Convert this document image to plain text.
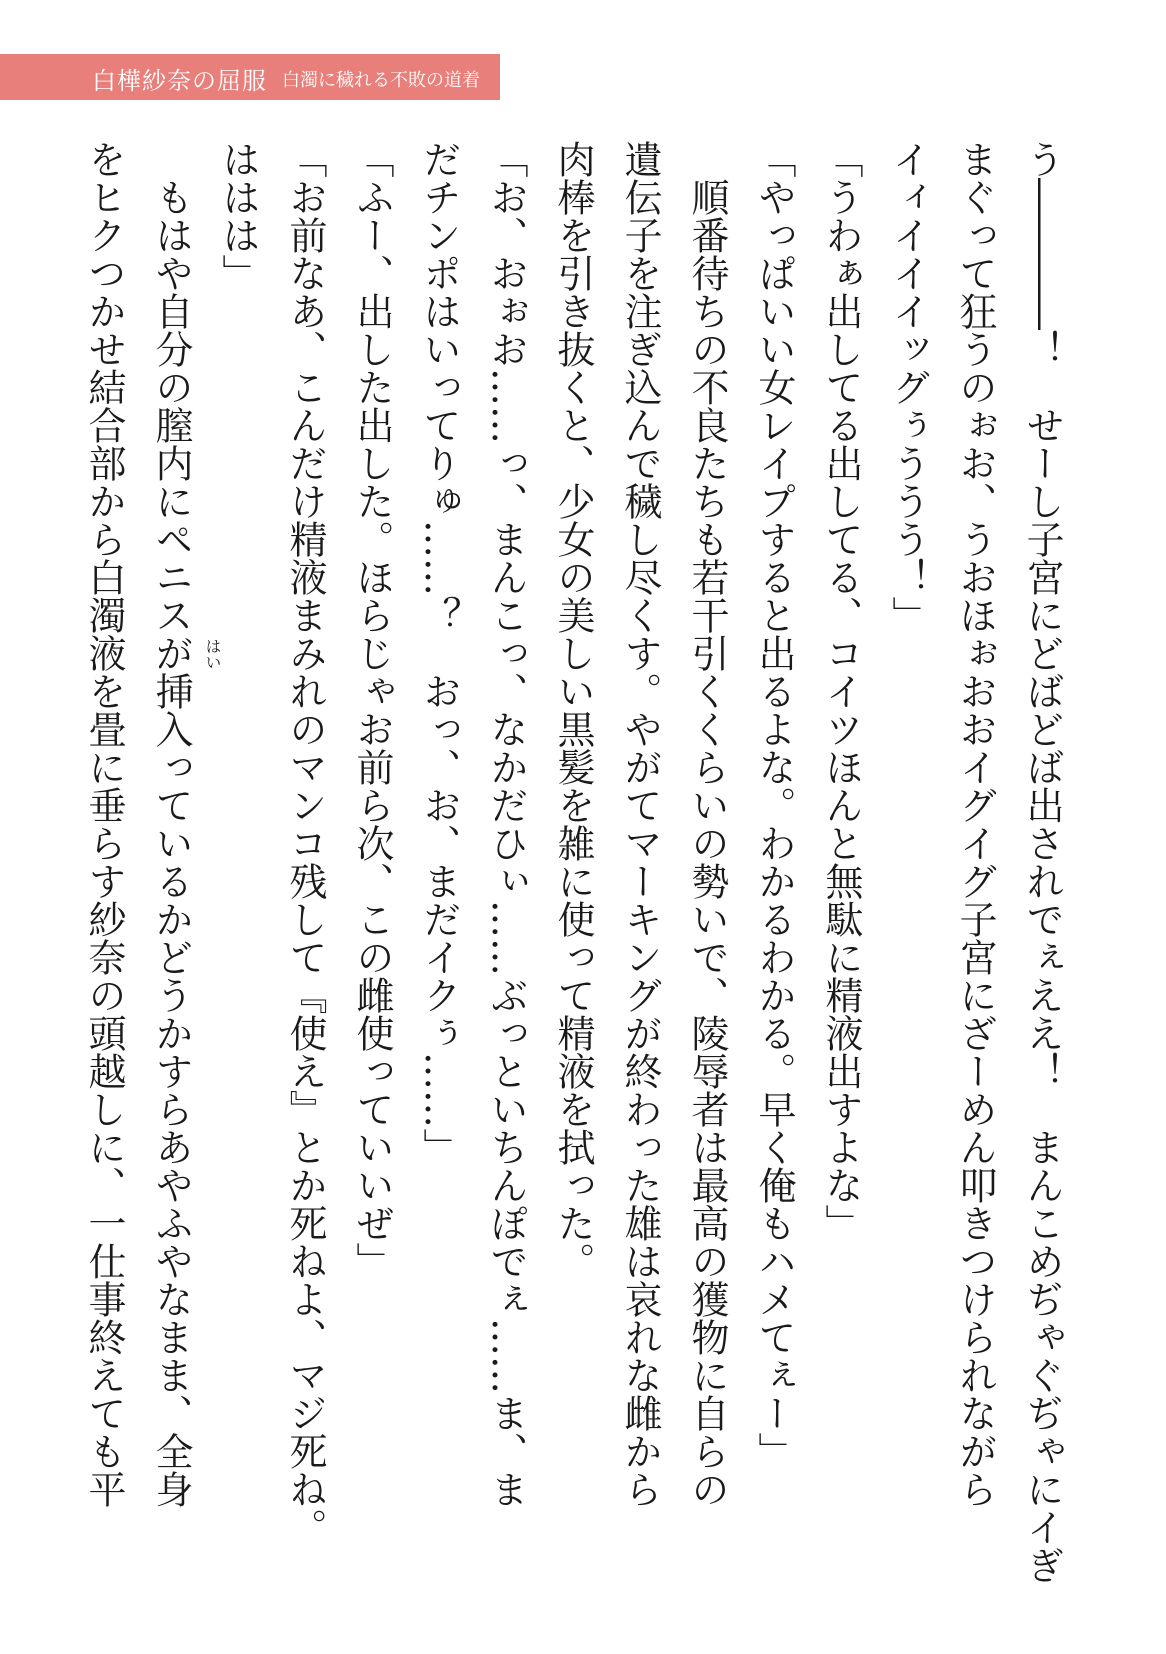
白樺紗奈の屈服 白濁に穢れる不敗の道着
う――――！　せーし子宮にどばどば出されでぇええ！　まんこめぢゃぐぢゃにイぎ
まぐって狂うのぉお、うおほぉおおイグイグ子宮にざーめん叩きつけられながら
イィイイイッグぅううう！」
「うわぁ出してる出してる、コイツほんと無駄に精液出すよな」
「やっぱいい女レイプすると出るよな。わかるわかる。早く俺もハメてぇー」
　順番待ちの不良たちも若干引くくらいの勢いで、陵辱者は最高の獲物に自らの
遺伝子を注ぎ込んで穢し尽くす。やがてマーキングが終わった雄は哀れな雌から
肉棒を引き抜くと、少女の美しい黒髪を雑に使って精液を拭った。
「お、おぉお……っ、まんこっ、なかだひぃ……ぶっといちんぽでぇ……ま、ま
だチンポはいってりゅ……？　おっ、お、まだイクぅ……」
「ふー、出した出した。ほらじゃお前ら次、この雌使っていいぜ」
「お前なあ、こんだけ精液まみれのマンコ残して『使え』とか死ねよ、マジ死ね。
ははは」
　もはや自分の膣内にペニスが挿入っているかどうかすらあやふやなまま、全身
をヒクつかせ結合部から白濁液を畳に垂らす紗奈の頭越しに、一仕事終えても平	はい
